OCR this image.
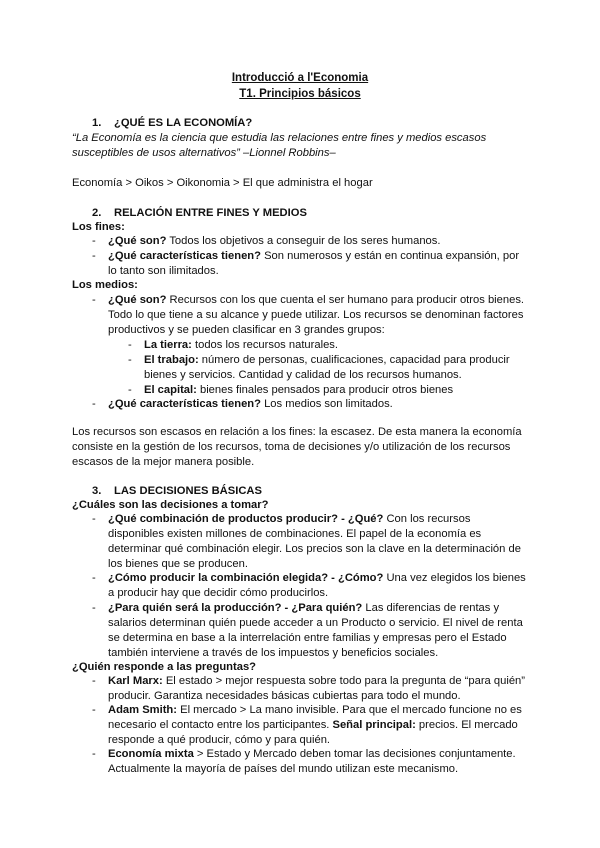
Introducció a l'Economia
T1. Principios básicos
1. ¿QUÉ ES LA ECONOMÍA?
“La Economía es la ciencia que estudia las relaciones entre fines y medios escasos susceptibles de usos alternativos” –Lionnel Robbins–
Economía > Oikos > Oikonomia > El que administra el hogar
2. RELACIÓN ENTRE FINES Y MEDIOS
Los fines:
- ¿Qué son? Todos los objetivos a conseguir de los seres humanos.
- ¿Qué características tienen? Son numerosos y están en continua expansión, por lo tanto son ilimitados.
Los medios:
- ¿Qué son? Recursos con los que cuenta el ser humano para producir otros bienes. Todo lo que tiene a su alcance y puede utilizar. Los recursos se denominan factores productivos y se pueden clasificar en 3 grandes grupos:
- La tierra: todos los recursos naturales.
- El trabajo: número de personas, cualificaciones, capacidad para producir bienes y servicios. Cantidad y calidad de los recursos humanos.
- El capital: bienes finales pensados para producir otros bienes
- ¿Qué características tienen? Los medios son limitados.
Los recursos son escasos en relación a los fines: la escasez. De esta manera la economía consiste en la gestión de los recursos, toma de decisiones y/o utilización de los recursos escasos de la mejor manera posible.
3. LAS DECISIONES BÁSICAS
¿Cuáles son las decisiones a tomar?
- ¿Qué combinación de productos producir? - ¿Qué? Con los recursos disponibles existen millones de combinaciones. El papel de la economía es determinar qué combinación elegir. Los precios son la clave en la determinación de los bienes que se producen.
- ¿Cómo producir la combinación elegida? - ¿Cómo? Una vez elegidos los bienes a producir hay que decidir cómo producirlos.
- ¿Para quién será la producción? - ¿Para quién? Las diferencias de rentas y salarios determinan quién puede acceder a un Producto o servicio. El nivel de renta se determina en base a la interrelación entre familias y empresas pero el Estado también interviene a través de los impuestos y beneficios sociales.
¿Quién responde a las preguntas?
- Karl Marx: El estado > mejor respuesta sobre todo para la pregunta de “para quién” producir. Garantiza necesidades básicas cubiertas para todo el mundo.
- Adam Smith: El mercado > La mano invisible. Para que el mercado funcione no es necesario el contacto entre los participantes. Señal principal: precios. El mercado responde a qué producir, cómo y para quién.
- Economía mixta > Estado y Mercado deben tomar las decisiones conjuntamente. Actualmente la mayoría de países del mundo utilizan este mecanismo.
